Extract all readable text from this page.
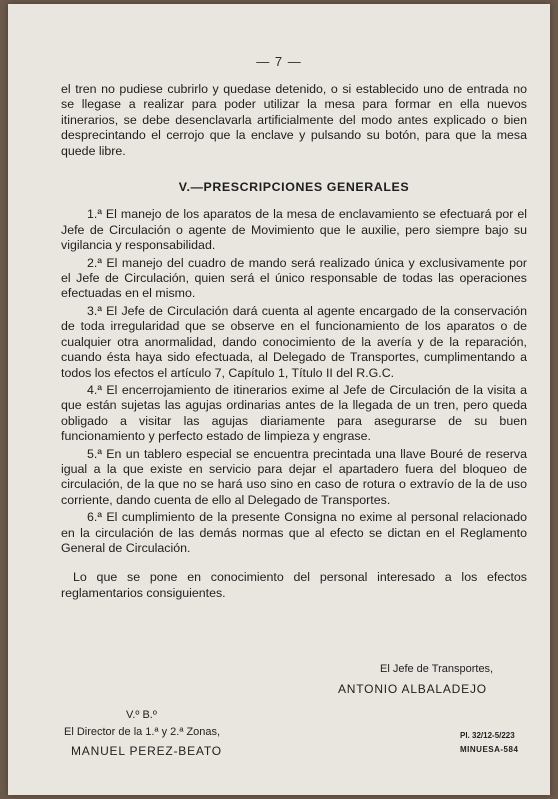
— 7 —

el tren no pudiese cubrirlo y quedase detenido, o si establecido uno de entrada no se llegase a realizar para poder utilizar la mesa para formar en ella nuevos itinerarios, se debe desenclavarla artificialmente del modo antes explicado o bien desprecintando el cerrojo que la enclave y pulsando su botón, para que la mesa quede libre.

V.—PRESCRIPCIONES GENERALES

1.ª El manejo de los aparatos de la mesa de enclavamiento se efectuará por el Jefe de Circulación o agente de Movimiento que le auxilie, pero siempre bajo su vigilancia y responsabilidad.

2.ª El manejo del cuadro de mando será realizado única y exclusivamente por el Jefe de Circulación, quien será el único responsable de todas las operaciones efectuadas en el mismo.

3.ª El Jefe de Circulación dará cuenta al agente encargado de la conservación de toda irregularidad que se observe en el funcionamiento de los aparatos o de cualquier otra anormalidad, dando conocimiento de la avería y de la reparación, cuando ésta haya sido efectuada, al Delegado de Transportes, cumplimentando a todos los efectos el artículo 7, Capítulo 1, Título II del R.G.C.

4.ª El encerrojamiento de itinerarios exime al Jefe de Circulación de la visita a que están sujetas las agujas ordinarias antes de la llegada de un tren, pero queda obligado a visitar las agujas diariamente para asegurarse de su buen funcionamiento y perfecto estado de limpieza y engrase.

5.ª En un tablero especial se encuentra precintada una llave Bouré de reserva igual a la que existe en servicio para dejar el apartadero fuera del bloqueo de circulación, de la que no se hará uso sino en caso de rotura o extravío de la de uso corriente, dando cuenta de ello al Delegado de Transportes.

6.ª El cumplimiento de la presente Consigna no exime al personal relacionado en la circulación de las demás normas que al efecto se dictan en el Reglamento General de Circulación.

Lo que se pone en conocimiento del personal interesado a los efectos reglamentarios consiguientes.

El Jefe de Transportes,
ANTONIO ALBALADEJO
V.º B.º
El Director de la 1.ª y 2.ª Zonas,
MANUEL PEREZ-BEATO
Pl. 32/12-5/223
MINUESA-584
